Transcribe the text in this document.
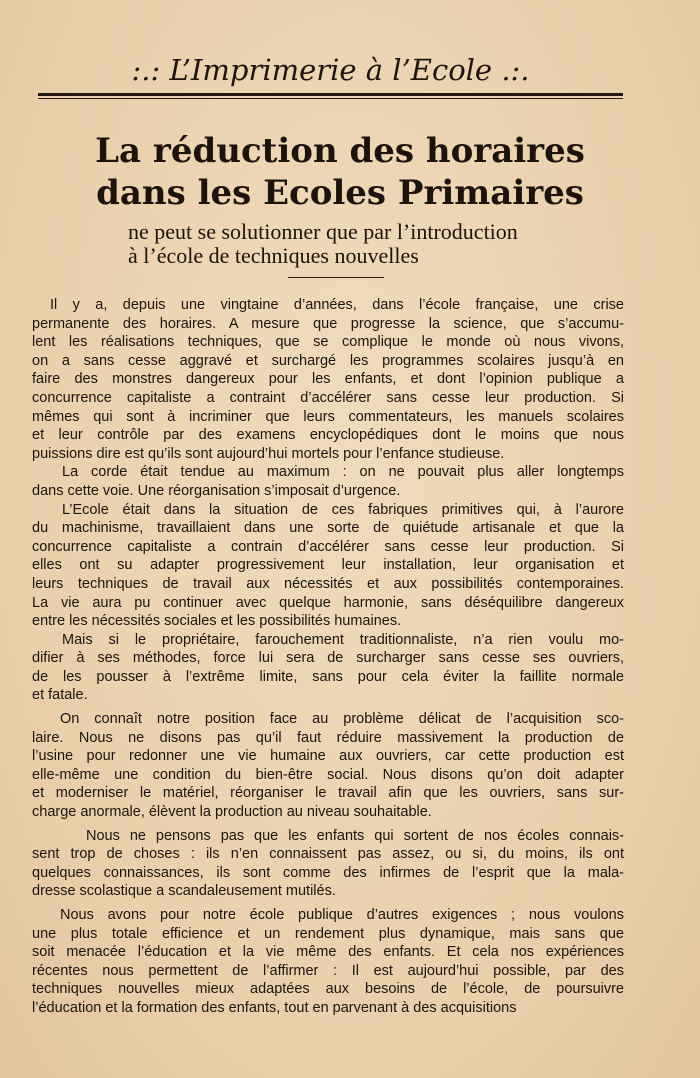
:.: L’Imprimerie à l’Ecole .:.
La réduction des horaires
dans les Ecoles Primaires
ne peut se solutionner que par l’introduction
à l’école de techniques nouvelles
Il y a, depuis une vingtaine d’années, dans l’école française, une crise
permanente des horaires. A mesure que progresse la science, que s’accumu-
lent les réalisations techniques, que se complique le monde où nous vivons,
on a sans cesse aggravé et surchargé les programmes scolaires jusqu’à en
faire des monstres dangereux pour les enfants, et dont l’opinion publique a
concurrence capitaliste a contraint d’accélérer sans cesse leur production. Si
mêmes qui sont à incriminer que leurs commentateurs, les manuels scolaires
et leur contrôle par des examens encyclopédiques dont le moins que nous
puissions dire est qu’ils sont aujourd’hui mortels pour l’enfance studieuse.
La corde était tendue au maximum : on ne pouvait plus aller longtemps
dans cette voie. Une réorganisation s’imposait d’urgence.
L’Ecole était dans la situation de ces fabriques primitives qui, à l’aurore
du machinisme, travaillaient dans une sorte de quiétude artisanale et que la
concurrence capitaliste a contrain d’accélérer sans cesse leur production. Si
elles ont su adapter progressivement leur installation, leur organisation et
leurs techniques de travail aux nécessités et aux possibilités contemporaines.
La vie aura pu continuer avec quelque harmonie, sans déséquilibre dangereux
entre les nécessités sociales et les possibilités humaines.
Mais si le propriétaire, farouchement traditionnaliste, n’a rien voulu mo-
difier à ses méthodes, force lui sera de surcharger sans cesse ses ouvriers,
de les pousser à l’extrême limite, sans pour cela éviter la faillite normale
et fatale.
On connaît notre position face au problème délicat de l’acquisition sco-
laire. Nous ne disons pas qu’il faut réduire massivement la production de
l’usine pour redonner une vie humaine aux ouvriers, car cette production est
elle-même une condition du bien-être social. Nous disons qu’on doit adapter
et moderniser le matériel, réorganiser le travail afin que les ouvriers, sans sur-
charge anormale, élèvent la production au niveau souhaitable.
Nous ne pensons pas que les enfants qui sortent de nos écoles connais-
sent trop de choses : ils n’en connaissent pas assez, ou si, du moins, ils ont
quelques connaissances, ils sont comme des infirmes de l’esprit que la mala-
dresse scolastique a scandaleusement mutilés.
Nous avons pour notre école publique d’autres exigences ; nous voulons
une plus totale efficience et un rendement plus dynamique, mais sans que
soit menacée l’éducation et la vie même des enfants. Et cela nos expériences
récentes nous permettent de l’affirmer : Il est aujourd’hui possible, par des
techniques nouvelles mieux adaptées aux besoins de l’école, de poursuivre
l’éducation et la formation des enfants, tout en parvenant à des acquisitions
